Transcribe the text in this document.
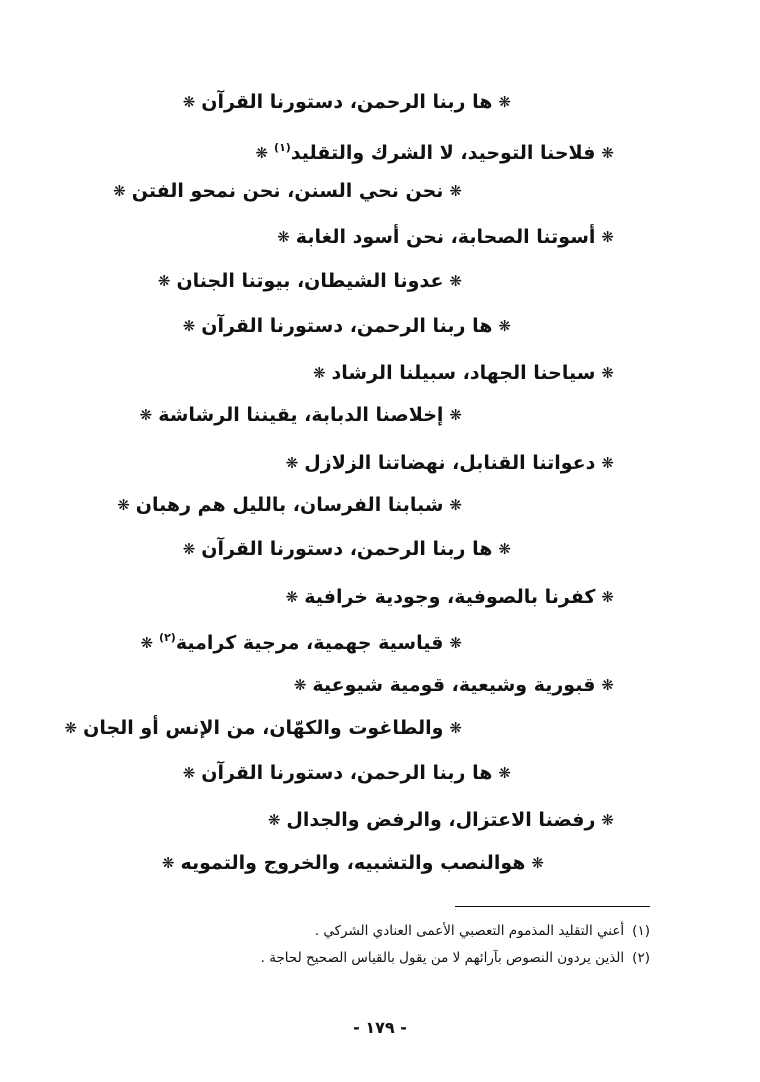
❋ها ربنا الرحمن، دستورنا القرآن❋
❋فلاحنا التوحيد، لا الشرك والتقليد$^{(١)}$❋
❋نحن نحي السنن، نحن نمحو الفتن❋
❋أسوتنا الصحابة، نحن أسود الغابة❋
❋عدونا الشيطان، بيوتنا الجنان❋
❋ها ربنا الرحمن، دستورنا القرآن❋
❋سياحنا الجهاد، سبيلنا الرشاد❋
❋إخلاصنا الدبابة، يقيننا الرشاشة❋
❋دعواتنا القنابل، نهضاتنا الزلازل❋
❋شبابنا الفرسان، بالليل هم رهبان❋
❋ها ربنا الرحمن، دستورنا القرآن❋
❋كفرنا بالصوفية، وجودية خرافية❋
❋قياسية جهمية، مرجية كرامية$^{(٢)}$❋
❋قبورية وشيعية، قومية شيوعية❋
❋والطاغوت والكهّان، من الإنس أو الجان❋
❋ها ربنا الرحمن، دستورنا القرآن❋
❋رفضنا الاعتزال، والرفض والجدال❋
❋هوالنصب والتشبيه، والخروج والتمويه❋
(١)أعني التقليد المذموم التعصبي الأعمى العنادي الشركي .
(٢)الذين يردون النصوص بآرائهم لا من يقول بالقياس الصحيح لحاجة .
- ١٧٩ -
